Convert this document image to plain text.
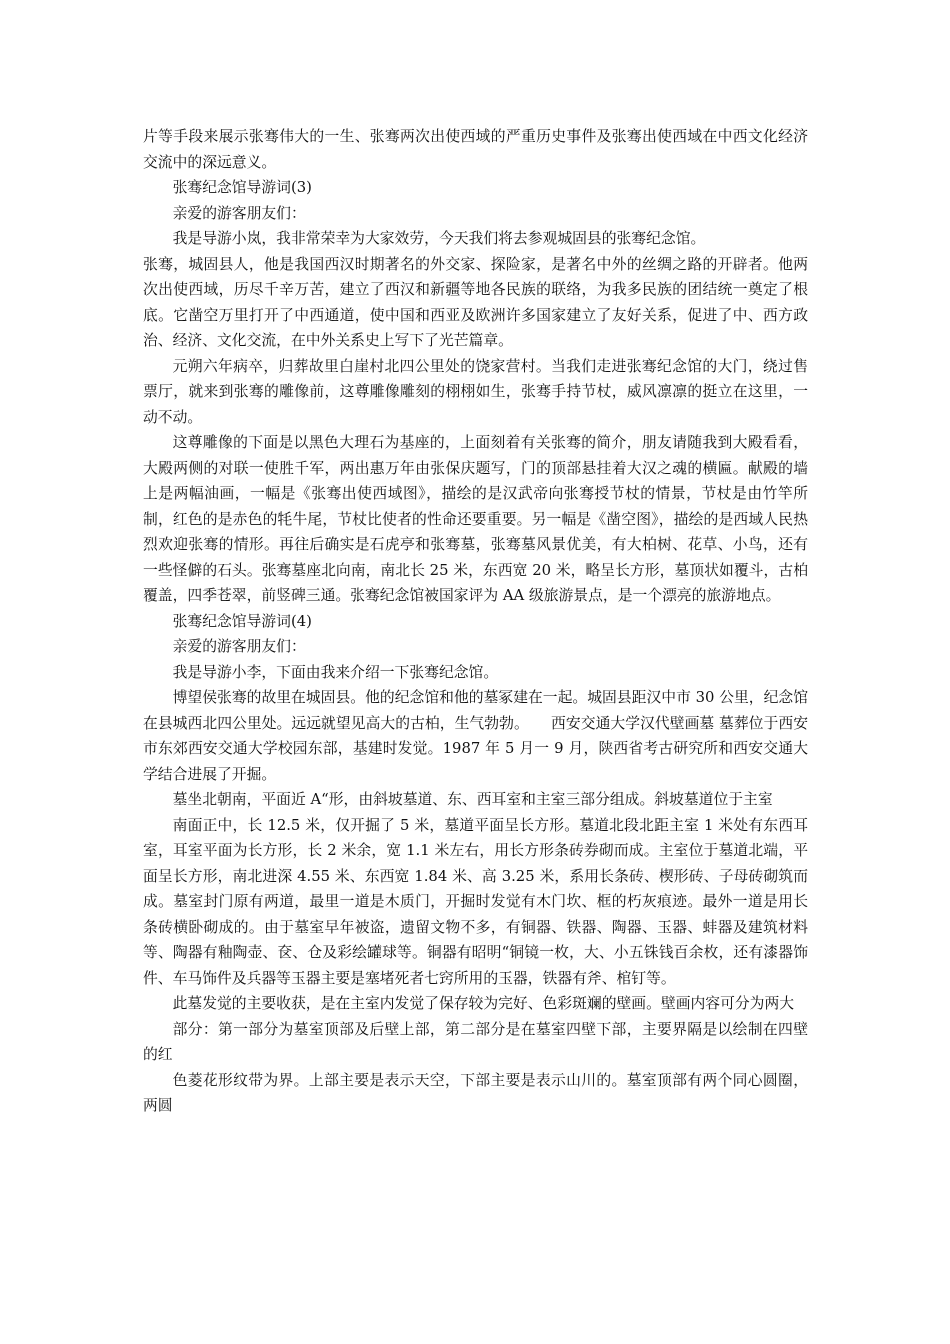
片等手段来展示张骞伟大的一生、张骞两次出使西域的严重历史事件及张骞出使西域在中西文化经济交流中的深远意义。

张骞纪念馆导游词(3)

亲爱的游客朋友们：

我是导游小岚，我非常荣幸为大家效劳，今天我们将去参观城固县的张骞纪念馆。

张骞，城固县人，他是我国西汉时期著名的外交家、探险家，是著名中外的丝绸之路的开辟者。他两次出使西域，历尽千辛万苦，建立了西汉和新疆等地各民族的联络，为我多民族的团结统一奠定了根底。它凿空万里打开了中西通道，使中国和西亚及欧洲许多国家建立了友好关系，促进了中、西方政治、经济、文化交流，在中外关系史上写下了光芒篇章。

元朔六年病卒，归葬故里白崖村北四公里处的饶家营村。当我们走进张骞纪念馆的大门，绕过售票厅，就来到张骞的雕像前，这尊雕像雕刻的栩栩如生，张骞手持节杖，威风凛凛的挺立在这里，一动不动。

这尊雕像的下面是以黑色大理石为基座的，上面刻着有关张骞的简介，朋友请随我到大殿看看，大殿两侧的对联一使胜千军，两出惠万年由张保庆题写，门的顶部悬挂着大汉之魂的横匾。献殿的墙上是两幅油画，一幅是《张骞出使西域图》，描绘的是汉武帝向张骞授节杖的情景，节杖是由竹竿所制，红色的是赤色的牦牛尾，节杖比使者的性命还要重要。另一幅是《凿空图》，描绘的是西域人民热烈欢迎张骞的情形。再往后确实是石虎亭和张骞墓，张骞墓风景优美，有大柏树、花草、小鸟，还有一些怪僻的石头。张骞墓座北向南，南北长 25 米，东西宽 20 米，略呈长方形，墓顶状如覆斗，古柏覆盖，四季苍翠，前竖碑三通。张骞纪念馆被国家评为 AA 级旅游景点，是一个漂亮的旅游地点。

张骞纪念馆导游词(4)

亲爱的游客朋友们：

我是导游小李，下面由我来介绍一下张骞纪念馆。

博望侯张骞的故里在城固县。他的纪念馆和他的墓冢建在一起。城固县距汉中市 30 公里，纪念馆在县城西北四公里处。远远就望见高大的古柏，生气勃勃。　　西安交通大学汉代壁画墓 墓葬位于西安市东郊西安交通大学校园东部，基建时发觉。1987 年 5 月一 9 月，陕西省考古研究所和西安交通大学结合进展了开掘。

墓坐北朝南，平面近 A“形，由斜坡墓道、东、西耳室和主室三部分组成。斜坡墓道位于主室

南面正中，长 12.5 米，仅开掘了 5 米，墓道平面呈长方形。墓道北段北距主室 1 米处有东西耳室，耳室平面为长方形，长 2 米余，宽 1.1 米左右，用长方形条砖券砌而成。主室位于墓道北端，平面呈长方形，南北进深 4.55 米、东西宽 1.84 米、高 3.25 米，系用长条砖、楔形砖、子母砖砌筑而成。墓室封门原有两道，最里一道是木质门，开掘时发觉有木门坎、框的朽灰痕迹。最外一道是用长条砖横卧砌成的。由于墓室早年被盗，遗留文物不多，有铜器、铁器、陶器、玉器、蚌器及建筑材料等、陶器有釉陶壶、奁、仓及彩绘罐球等。铜器有昭明“铜镜一枚，大、小五铢钱百余枚，还有漆器饰件、车马饰件及兵器等玉器主要是塞堵死者七窍所用的玉器，铁器有斧、棺钉等。

此墓发觉的主要收获，是在主室内发觉了保存较为完好、色彩斑斓的壁画。壁画内容可分为两大

部分：第一部分为墓室顶部及后壁上部，第二部分是在墓室四壁下部，主要界隔是以绘制在四壁的红

色菱花形纹带为界。上部主要是表示天空，下部主要是表示山川的。墓室顶部有两个同心圆圈，两圆
